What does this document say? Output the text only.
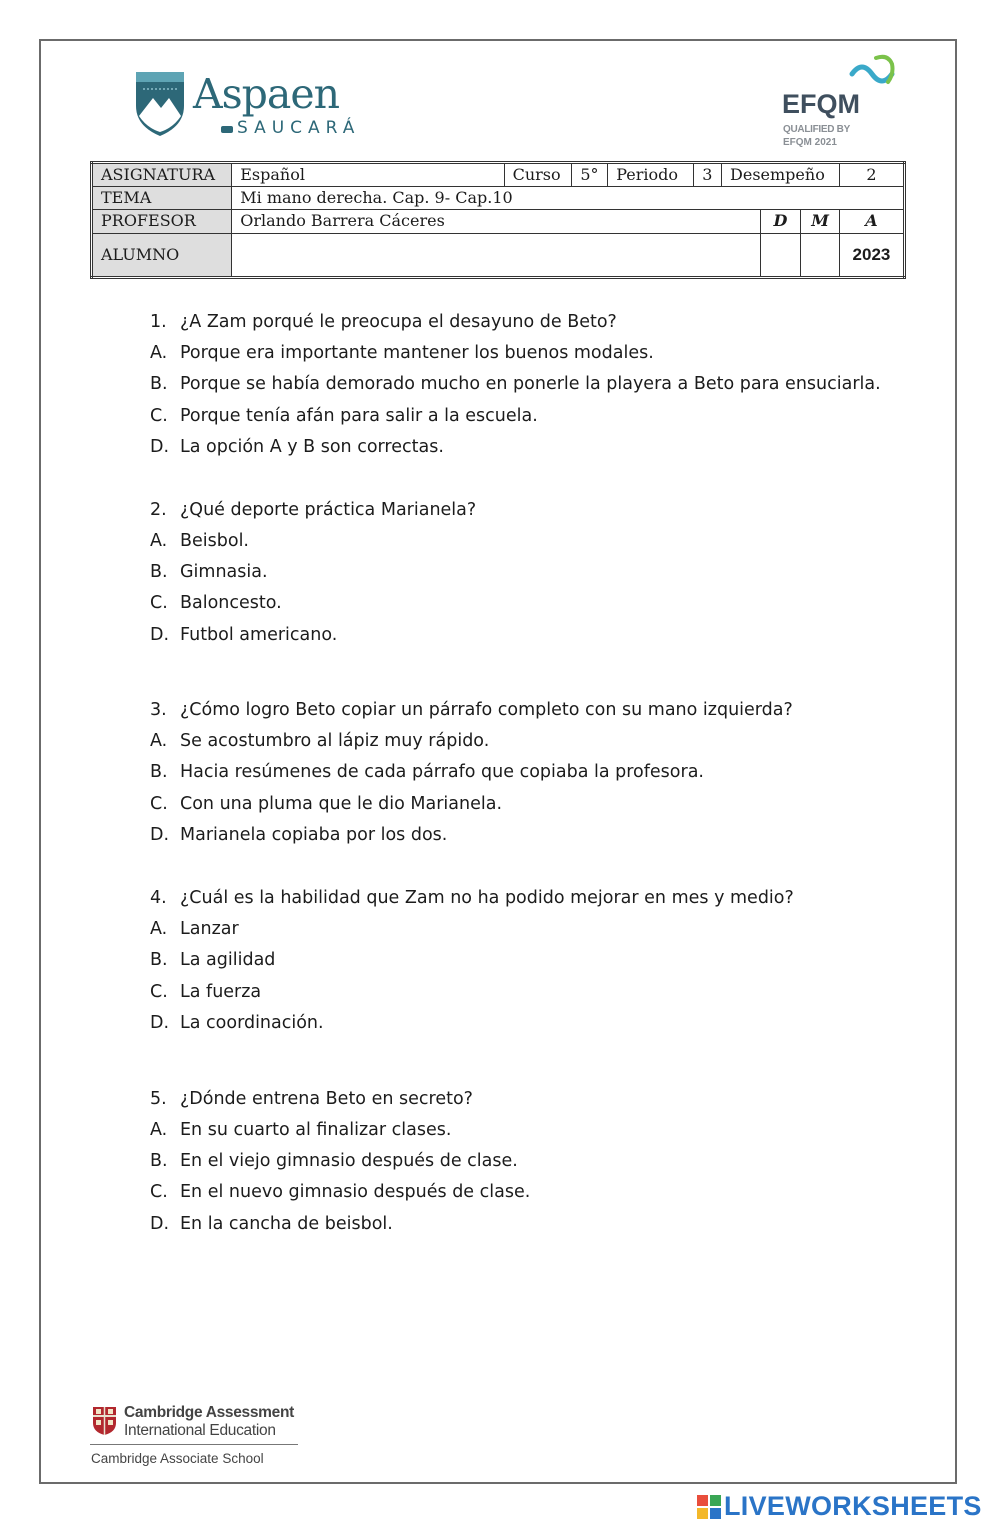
Aspaen
SAUCARÁ
EFQM
QUALIFIED BY
EFQM 2021
ASIGNATURA	Español	Curso	5°	Periodo	3	Desempeño			2
TEMA	Mi mano derecha. Cap. 9- Cap.10								
PROFESOR	Orlando Barrera Cáceres						D	M	A
ALUMNO									2023
1. ¿A Zam porqué le preocupa el desayuno de Beto?
A. Porque era importante mantener los buenos modales.
B. Porque se había demorado mucho en ponerle la playera a Beto para ensuciarla.
C. Porque tenía afán para salir a la escuela.
D. La opción A y B son correctas.
2. ¿Qué deporte práctica Marianela?
A. Beisbol.
B. Gimnasia.
C. Baloncesto.
D. Futbol americano.
3. ¿Cómo logro Beto copiar un párrafo completo con su mano izquierda?
A. Se acostumbro al lápiz muy rápido.
B. Hacia resúmenes de cada párrafo que copiaba la profesora.
C. Con una pluma que le dio Marianela.
D. Marianela copiaba por los dos.
4. ¿Cuál es la habilidad que Zam no ha podido mejorar en mes y medio?
A. Lanzar
B. La agilidad
C. La fuerza
D. La coordinación.
5. ¿Dónde entrena Beto en secreto?
A. En su cuarto al finalizar clases.
B. En el viejo gimnasio después de clase.
C. En el nuevo gimnasio después de clase.
D. En la cancha de beisbol.
Cambridge Assessment
International Education
Cambridge Associate School
LIVEWORKSHEETS
